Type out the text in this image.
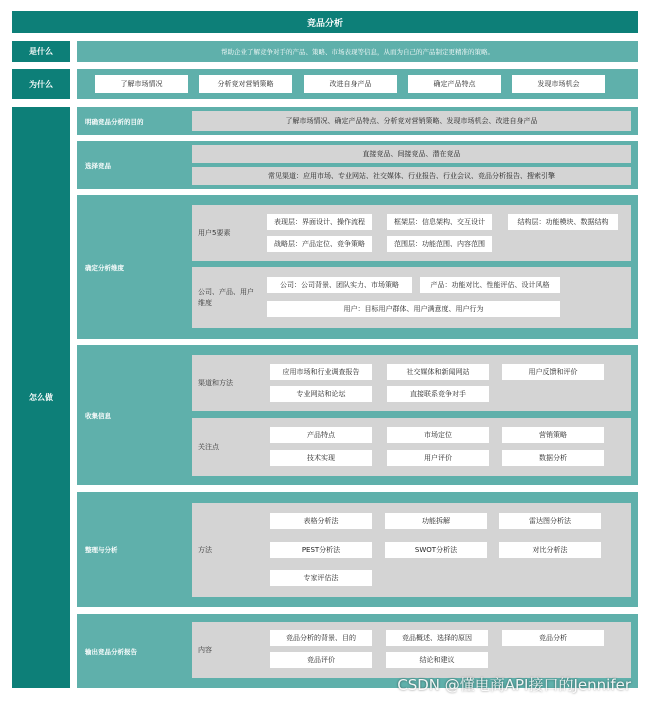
竞品分析
是什么	帮助企业了解竞争对手的产品、策略、市场表现等信息，从而为自己的产品制定更精准的策略。
为什么	了解市场情况	分析竞对营销策略	改进自身产品	确定产品特点	发现市场机会
怎么做
明确竞品分析的目的	了解市场情况、确定产品特点、分析竞对营销策略、发现市场机会、改进自身产品
选择竞品
直接竞品、间接竞品、潜在竞品
常见渠道：应用市场、专业网站、社交媒体、行业报告、行业会议、竞品分析报告、搜索引擎
确定分析维度
用户5要素
表现层：界面设计、操作流程	框架层：信息架构、交互设计	结构层：功能模块、数据结构
战略层：产品定位、竞争策略	范围层：功能范围、内容范围
公司、产品、用户维度
公司：公司背景、团队实力、市场策略	产品：功能对比、性能评估、设计风格
用户：目标用户群体、用户满意度、用户行为
收集信息
渠道和方法
应用市场和行业调查报告	社交媒体和新闻网站	用户反馈和评价
专业网站和论坛	直接联系竞争对手
关注点
产品特点	市场定位	营销策略
技术实现	用户评价	数据分析
整理与分析	方法
表格分析法	功能拆解	雷达图分析法
PEST分析法	SWOT分析法	对比分析法
专家评估法
输出竞品分析报告	内容
竞品分析的背景、目的	竞品概述、选择的原因	竞品分析
竞品评价	结论和建议
CSDN @懂电商API接口的Jennifer
